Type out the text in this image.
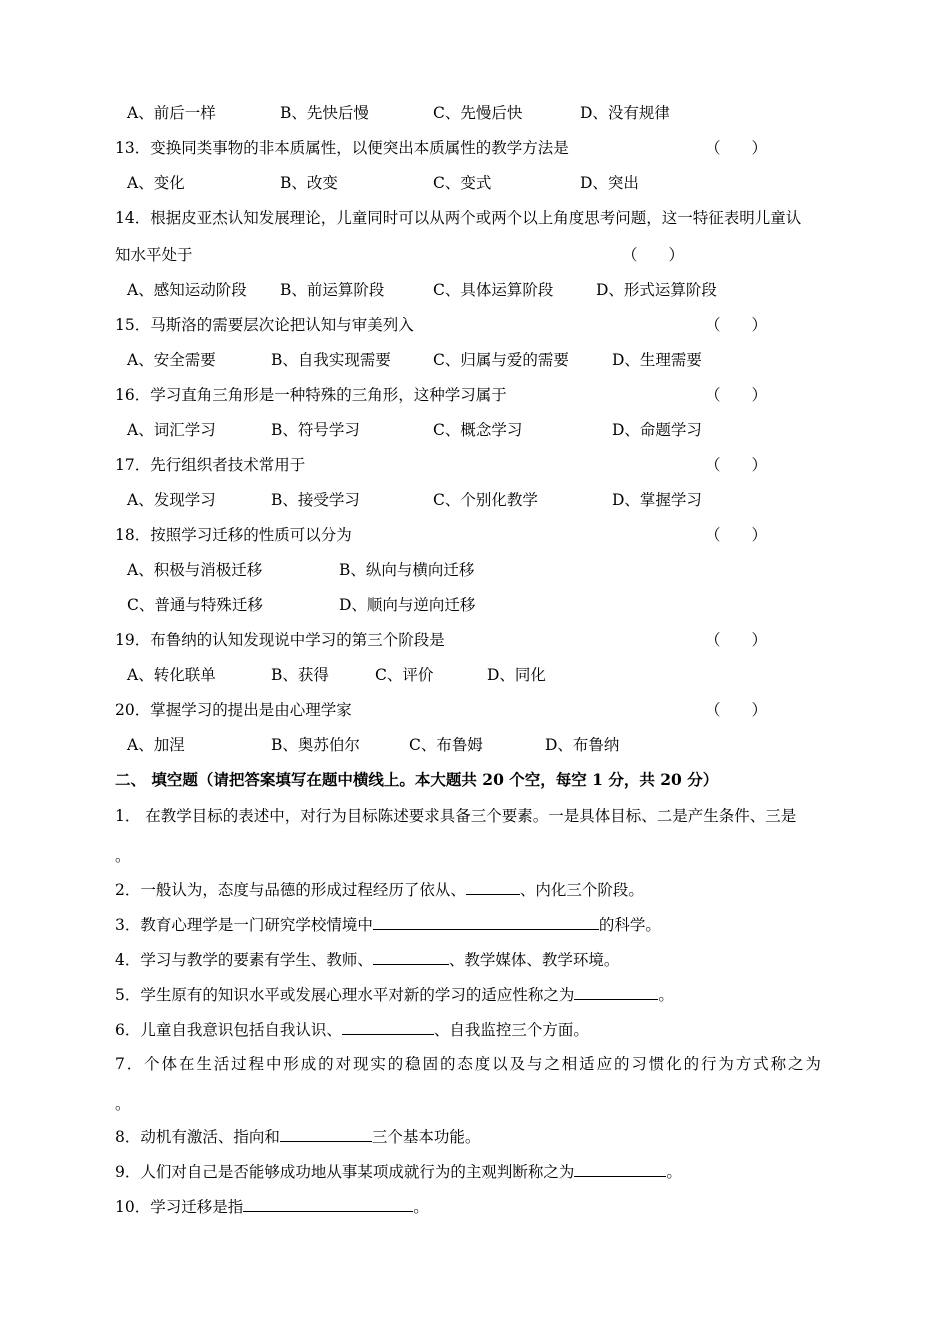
A、前后一样	B、先快后慢	C、先慢后快	D、没有规律
13．变换同类事物的非本质属性，以便突出本质属性的教学方法是	（　　）
A、变化	B、改变	C、变式	D、突出
14．根据皮亚杰认知发展理论，儿童同时可以从两个或两个以上角度思考问题，这一特征表明儿童认
知水平处于	（　　）
A、感知运动阶段 B、前运算阶段	C、具体运算阶段	D、形式运算阶段
15．马斯洛的需要层次论把认知与审美列入	（　　）
A、安全需要	B、自我实现需要	C、归属与爱的需要	D、生理需要
16．学习直角三角形是一种特殊的三角形，这种学习属于	（　　）
A、词汇学习	B、符号学习	C、概念学习	D、命题学习
17．先行组织者技术常用于	（　　）
A、发现学习	B、接受学习	C、个别化教学	D、掌握学习
18．按照学习迁移的性质可以分为	（　　）
A、积极与消极迁移	B、纵向与横向迁移
C、普通与特殊迁移	D、顺向与逆向迁移
19．布鲁纳的认知发现说中学习的第三个阶段是	（　　）
A、转化联单	B、获得	C、评价	D、同化
20．掌握学习的提出是由心理学家	（　　）
A、加涅	B、奥苏伯尔	C、布鲁姆	D、布鲁纳
二、 填空题（请把答案填写在题中横线上。本大题共 20 个空，每空 1 分，共 20 分）
1． 在教学目标的表述中，对行为目标陈述要求具备三个要素。一是具体目标、二是产生条件、三是
。
2．一般认为，态度与品德的形成过程经历了依从、	、内化三个阶段。
3．教育心理学是一门研究学校情境中	的科学。
4．学习与教学的要素有学生、教师、	、教学媒体、教学环境。
5．学生原有的知识水平或发展心理水平对新的学习的适应性称之为	。
6．儿童自我意识包括自我认识、	、自我监控三个方面。
7．个体在生活过程中形成的对现实的稳固的态度以及与之相适应的习惯化的行为方式称之为
。
8．动机有激活、指向和	三个基本功能。
9．人们对自己是否能够成功地从事某项成就行为的主观判断称之为	。
10．学习迁移是指	。
